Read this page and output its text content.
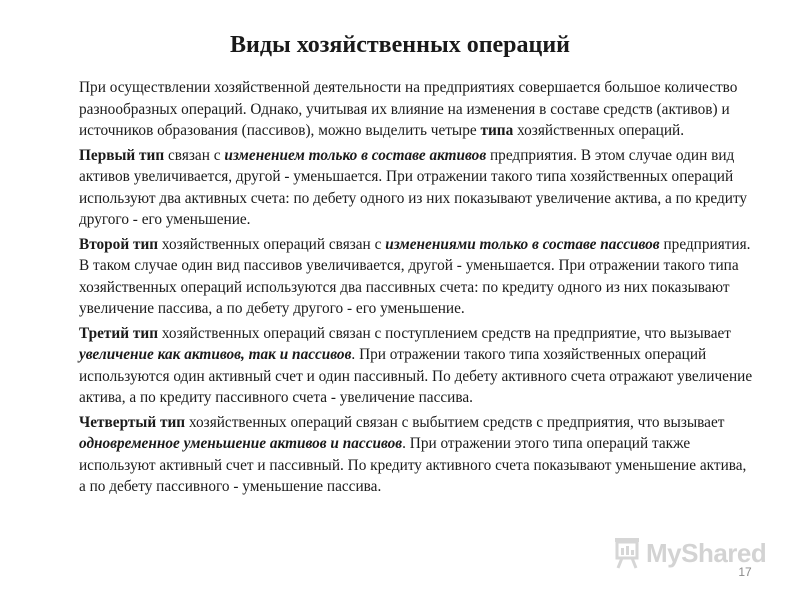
Виды хозяйственных операций

При осуществлении хозяйственной деятельности на предприятиях совершается большое количество разнообразных операций. Однако, учитывая их влияние на изменения в составе средств (активов) и источников образования (пассивов), можно выделить четыре типа хозяйственных операций.

Первый тип связан с изменением только в составе активов предприятия. В этом случае один вид активов увеличивается, другой - уменьшается. При отражении такого типа хозяйственных операций используют два активных счета: по дебету одного из них показывают увеличение актива, а по кредиту другого - его уменьшение.

Второй тип хозяйственных операций связан с изменениями только в составе пассивов предприятия. В таком случае один вид пассивов увеличивается, другой - уменьшается. При отражении такого типа хозяйственных операций используются два пассивных счета: по кредиту одного из них показывают увеличение пассива, а по дебету другого - его уменьшение.

Третий тип хозяйственных операций связан с поступлением средств на предприятие, что вызывает увеличение как активов, так и пассивов. При отражении такого типа хозяйственных операций используются один активный счет и один пассивный. По дебету активного счета отражают увеличение актива, а по кредиту пассивного счета - увеличение пассива.

Четвертый тип хозяйственных операций связан с выбытием средств с предприятия, что вызывает одновременное уменьшение активов и пассивов. При отражении этого типа операций также используют активный счет и пассивный. По кредиту активного счета показывают уменьшение актива, а по дебету пассивного - уменьшение пассива.

MyShared
17
